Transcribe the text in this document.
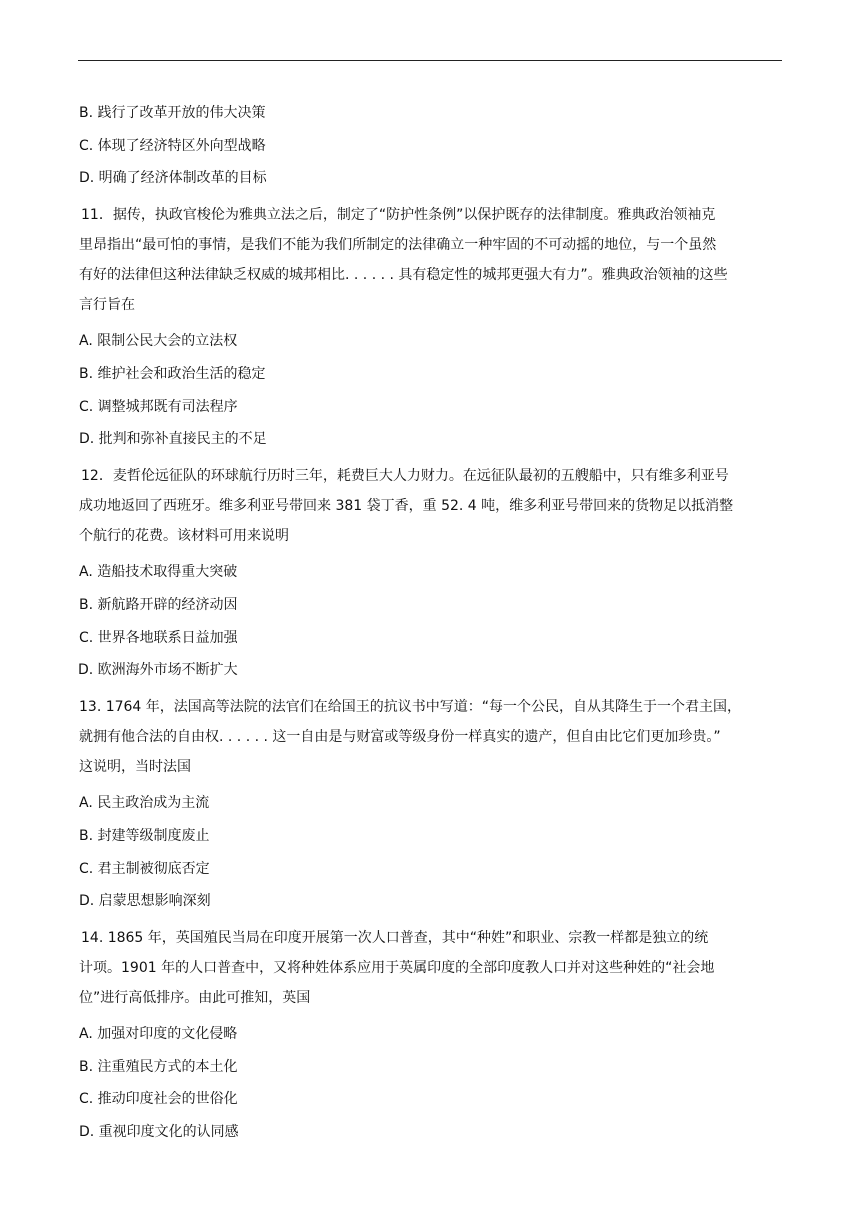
B. 践行了改革开放的伟大决策
C. 体现了经济特区外向型战略
D. 明确了经济体制改革的目标
11．据传，执政官梭伦为雅典立法之后，制定了“防护性条例”以保护既存的法律制度。雅典政治领袖克
里昂指出“最可怕的事情，是我们不能为我们所制定的法律确立一种牢固的不可动摇的地位，与一个虽然
有好的法律但这种法律缺乏权威的城邦相比. . . . . . 具有稳定性的城邦更强大有力”。雅典政治领袖的这些
言行旨在
A. 限制公民大会的立法权
B. 维护社会和政治生活的稳定
C. 调整城邦既有司法程序
D. 批判和弥补直接民主的不足
12．麦哲伦远征队的环球航行历时三年，耗费巨大人力财力。在远征队最初的五艘船中，只有维多利亚号
成功地返回了西班牙。维多利亚号带回来 381 袋丁香，重 52. 4 吨，维多利亚号带回来的货物足以抵消整
个航行的花费。该材料可用来说明
A. 造船技术取得重大突破
B. 新航路开辟的经济动因
C. 世界各地联系日益加强
D. 欧洲海外市场不断扩大
13. 1764 年，法国高等法院的法官们在给国王的抗议书中写道：“每一个公民，自从其降生于一个君主国，
就拥有他合法的自由权. . . . . . 这一自由是与财富或等级身份一样真实的遗产，但自由比它们更加珍贵。”
这说明，当时法国
A. 民主政治成为主流
B. 封建等级制度废止
C. 君主制被彻底否定
D. 启蒙思想影响深刻
14. 1865 年，英国殖民当局在印度开展第一次人口普查，其中“种姓”和职业、宗教一样都是独立的统
计项。1901 年的人口普查中，又将种姓体系应用于英属印度的全部印度教人口并对这些种姓的“社会地
位”进行高低排序。由此可推知，英国
A. 加强对印度的文化侵略
B. 注重殖民方式的本土化
C. 推动印度社会的世俗化
D. 重视印度文化的认同感
